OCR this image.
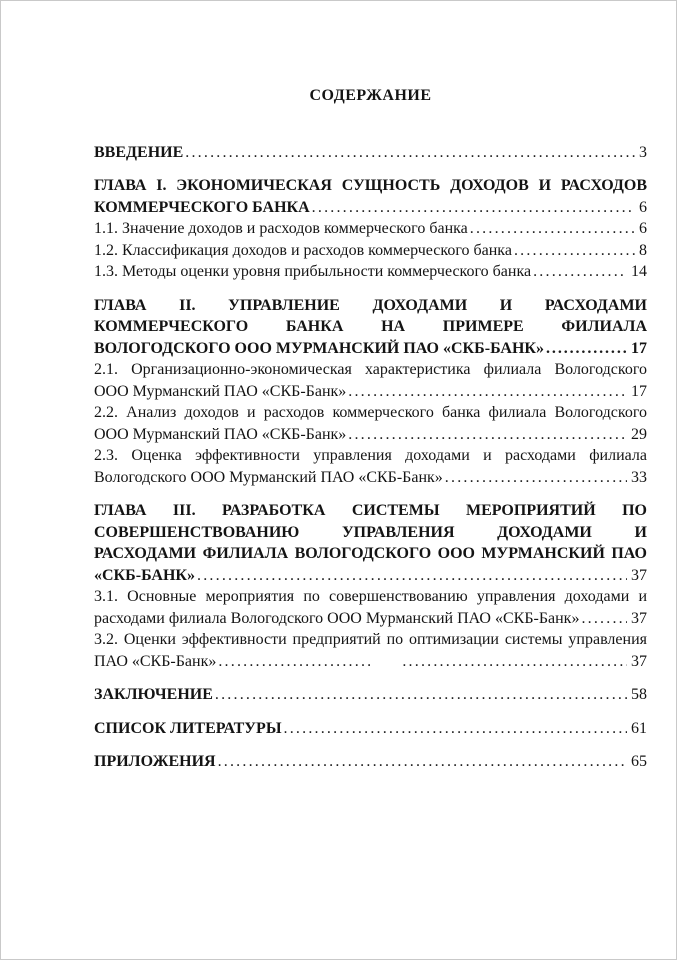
СОДЕРЖАНИЕ
ВВЕДЕНИЕ .....	3
ГЛАВА I. ЭКОНОМИЧЕСКАЯ СУЩНОСТЬ ДОХОДОВ И РАСХОДОВ
КОММЕРЧЕСКОГО БАНКА .....	6
1.1. Значение доходов и расходов коммерческого банка .....	6
1.2. Классификация доходов и расходов коммерческого банка .....	8
1.3. Методы оценки уровня прибыльности коммерческого банка .....	14
ГЛАВА II. УПРАВЛЕНИЕ ДОХОДАМИ И РАСХОДАМИ
КОММЕРЧЕСКОГО БАНКА НА ПРИМЕРЕ ФИЛИАЛА
ВОЛОГОДСКОГО ООО МУРМАНСКИЙ ПАО «СКБ-БАНК» .....	17
2.1. Организационно-экономическая характеристика филиала Вологодского
ООО Мурманский ПАО «СКБ-Банк» .....	17
2.2. Анализ доходов и расходов коммерческого банка филиала Вологодского
ООО Мурманский ПАО «СКБ-Банк» .....	29
2.3. Оценка эффективности управления доходами и расходами филиала
Вологодского ООО Мурманский ПАО «СКБ-Банк» .....	33
ГЛАВА III. РАЗРАБОТКА СИСТЕМЫ МЕРОПРИЯТИЙ ПО
СОВЕРШЕНСТВОВАНИЮ УПРАВЛЕНИЯ ДОХОДАМИ И
РАСХОДАМИ ФИЛИАЛА ВОЛОГОДСКОГО ООО МУРМАНСКИЙ ПАО
«СКБ-БАНК» .....	37
3.1. Основные мероприятия по совершенствованию управления доходами и
расходами филиала Вологодского ООО Мурманский ПАО «СКБ-Банк» .....	37
3.2. Оценки эффективности предприятий по оптимизации системы управления
ПАО «СКБ-Банк» ..... .....	37
ЗАКЛЮЧЕНИЕ .....	58
СПИСОК ЛИТЕРАТУРЫ .....	61
ПРИЛОЖЕНИЯ .....	65
